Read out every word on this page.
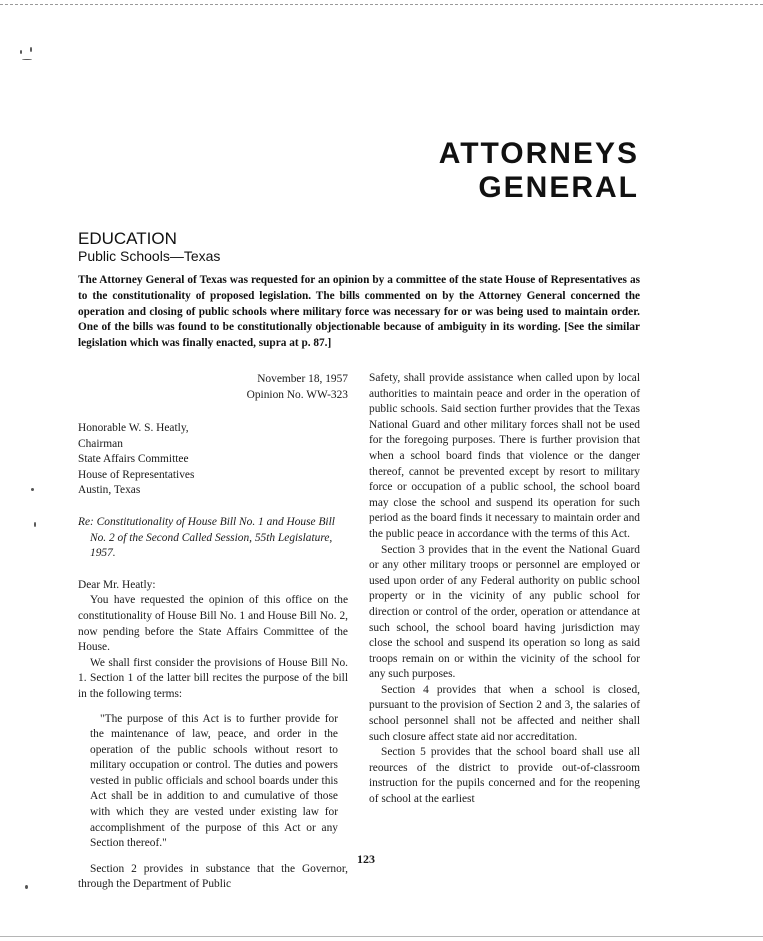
ATTORNEYS
GENERAL
EDUCATION
Public Schools—Texas
The Attorney General of Texas was requested for an opinion by a committee of the state House of Representatives as to the constitutionality of proposed legislation. The bills commented on by the Attorney General concerned the operation and closing of public schools where military force was necessary for or was being used to maintain order. One of the bills was found to be constitutionally objectionable because of ambiguity in its wording. [See the similar legislation which was finally enacted, supra at p. 87.]
November 18, 1957
Opinion No. WW-323
Honorable W. S. Heatly,
Chairman
State Affairs Committee
House of Representatives
Austin, Texas

Re: Constitutionality of House Bill No. 1 and House Bill No. 2 of the Second Called Session, 55th Legislature, 1957.

Dear Mr. Heatly:

You have requested the opinion of this office on the constitutionality of House Bill No. 1 and House Bill No. 2, now pending before the State Affairs Committee of the House.

We shall first consider the provisions of House Bill No. 1. Section 1 of the latter bill recites the purpose of the bill in the following terms:

"The purpose of this Act is to further provide for the maintenance of law, peace, and order in the operation of the public schools without resort to military occupation or control. The duties and powers vested in public officials and school boards under this Act shall be in addition to and cumulative of those with which they are vested under existing law for accomplishment of the purpose of this Act or any Section thereof."

Section 2 provides in substance that the Governor, through the Department of Public

Safety, shall provide assistance when called upon by local authorities to maintain peace and order in the operation of public schools. Said section further provides that the Texas National Guard and other military forces shall not be used for the foregoing purposes. There is further provision that when a school board finds that violence or the danger thereof, cannot be prevented except by resort to military force or occupation of a public school, the school board may close the school and suspend its operation for such period as the board finds it necessary to maintain order and the public peace in accordance with the terms of this Act.

Section 3 provides that in the event the National Guard or any other military troops or personnel are employed or used upon order of any Federal authority on public school property or in the vicinity of any public school for direction or control of the order, operation or attendance at such school, the school board having jurisdiction may close the school and suspend its operation so long as said troops remain on or within the vicinity of the school for any such purposes.

Section 4 provides that when a school is closed, pursuant to the provision of Section 2 and 3, the salaries of school personnel shall not be affected and neither shall such closure affect state aid nor accreditation.

Section 5 provides that the school board shall use all reources of the district to provide out-of-classroom instruction for the pupils concerned and for the reopening of school at the earliest

123
